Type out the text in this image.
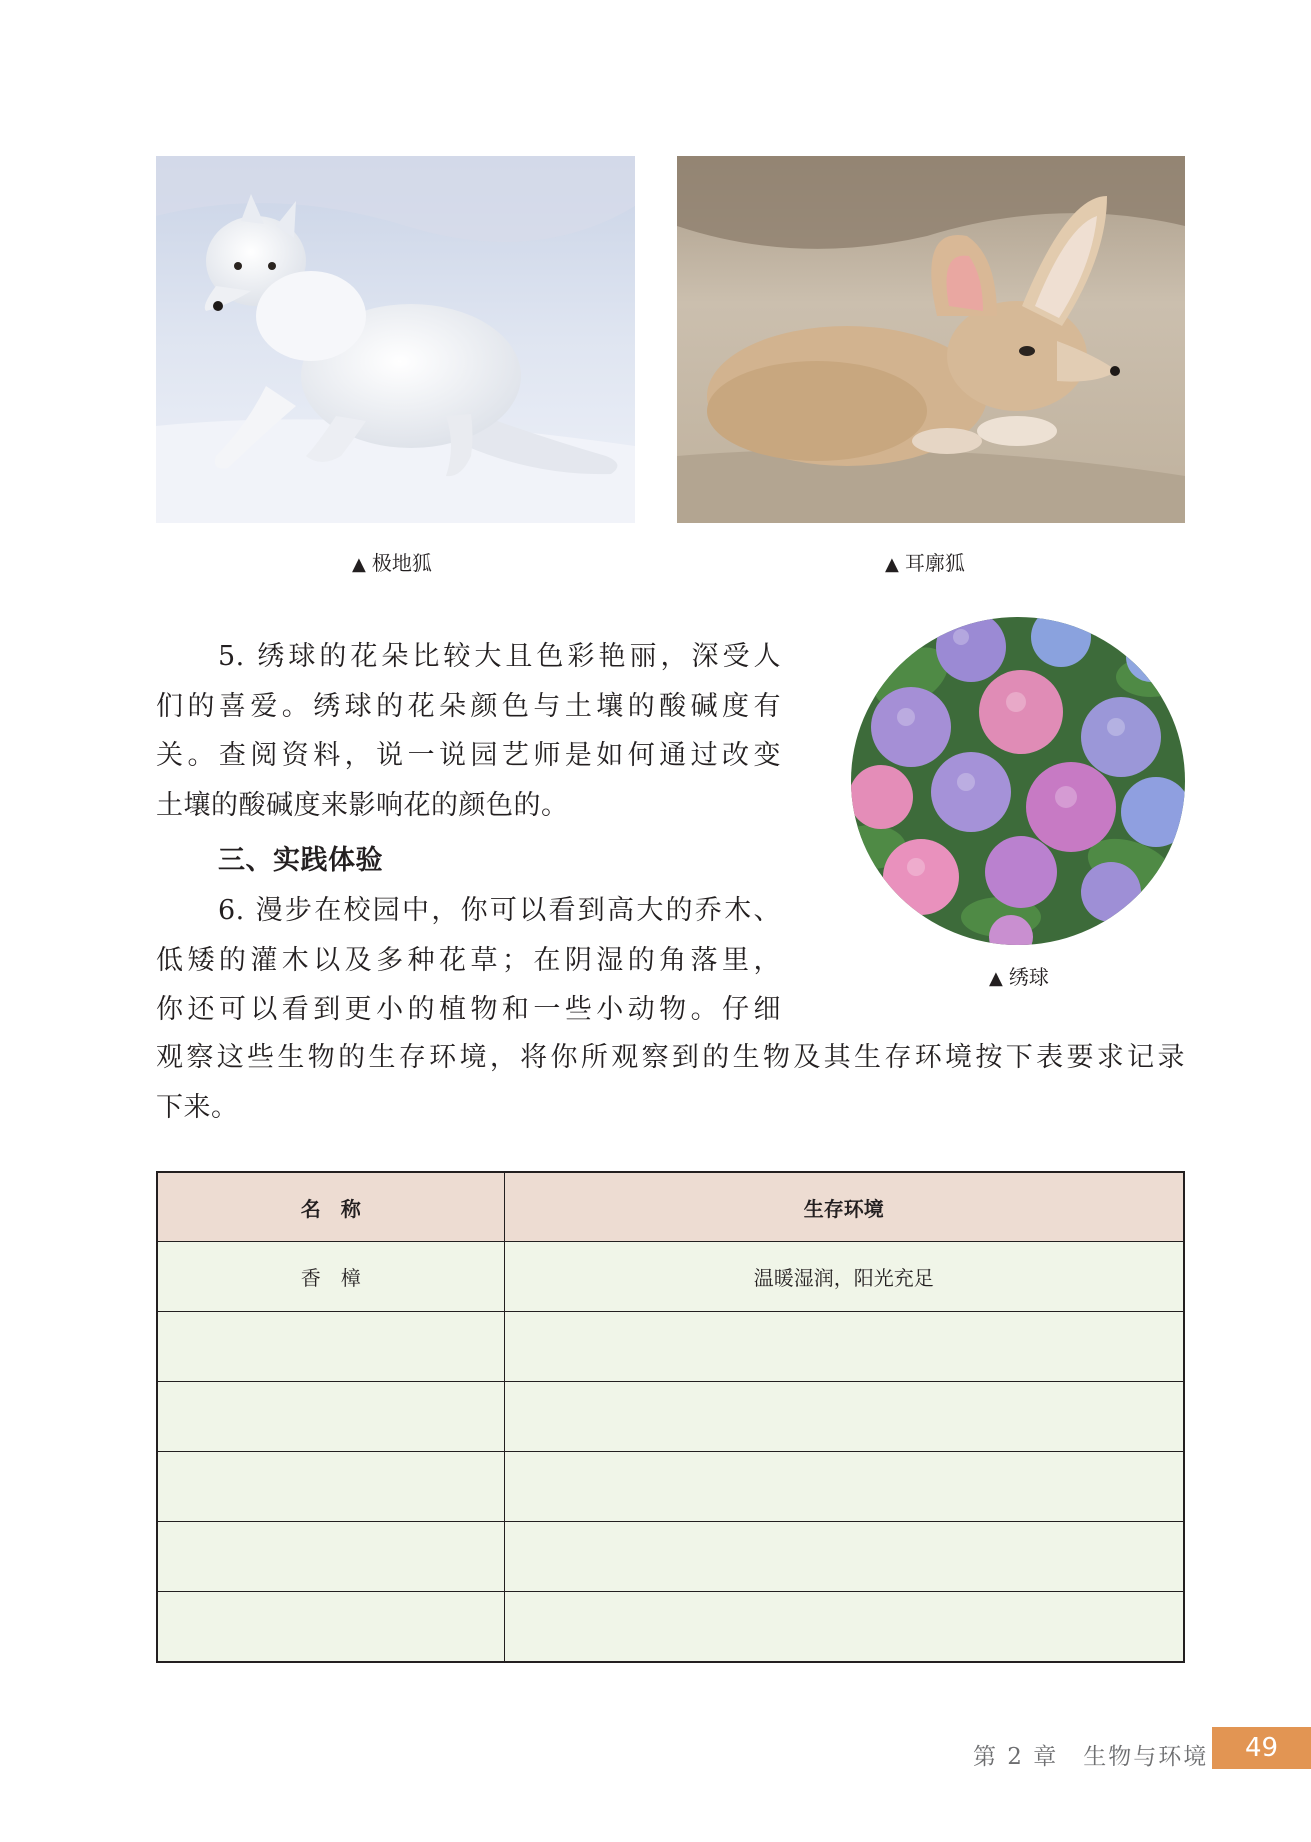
▲ 极地狐	▲ 耳廓狐
▲ 绣球
5. 绣球的花朵比较大且色彩艳丽，深受人
们的喜爱。绣球的花朵颜色与土壤的酸碱度有
关。查阅资料，说一说园艺师是如何通过改变
土壤的酸碱度来影响花的颜色的。
三、实践体验
6. 漫步在校园中，你可以看到高大的乔木、
低矮的灌木以及多种花草；在阴湿的角落里，
你还可以看到更小的植物和一些小动物。仔细
观察这些生物的生存环境，将你所观察到的生物及其生存环境按下表要求记录
下来。
名　称	生存环境
香　樟	温暖湿润，阳光充足

第 2 章　生物与环境	49
